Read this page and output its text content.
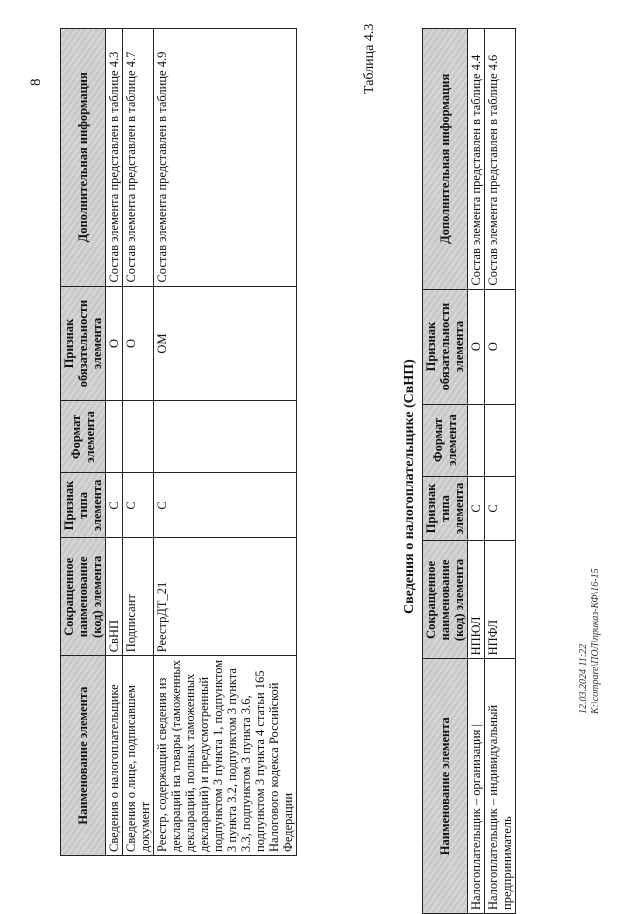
8
Наименование элемента	Сокращенное наименование (код) элемента	Признак типа элемента	Формат элемента	Признак обязательности элемента	Дополнительная информация
Сведения о налогоплательщике	СвНП	С		О	Состав элемента представлен в таблице 4.3
Сведения о лице, подписавшем документ	Подписант	С		О	Состав элемента представлен в таблице 4.7
Реестр, содержащий сведения из деклараций на товары (таможенных деклараций, полных таможенных деклараций) и предусмотренный подпунктом 3 пункта 1, подпунктом 3 пункта 3.2, подпунктом 3 пункта 3.3, подпунктом 3 пункта 3.6, подпунктом 3 пункта 4 статьи 165 Налогового кодекса Российской Федерации	РеестрДТ_21	С		ОМ	Состав элемента представлен в таблице 4.9	Таблица 4.3
Сведения о налогоплательщике (СвНП)
Наименование элемента	Сокращенное наименование (код) элемента	Признак типа элемента	Формат элемента	Признак обязательности элемента	Дополнительная информация
Налогоплательщик – организация |	НПЮЛ	С		О	Состав элемента представлен в таблице 4.4
Налогоплательщик – индивидуальный предприниматель	НПФЛ	С		О	Состав элемента представлен в таблице 4.6
12.03.2024 11:22 K:\compare\ПОЛ\приказ-КФ\16-15
